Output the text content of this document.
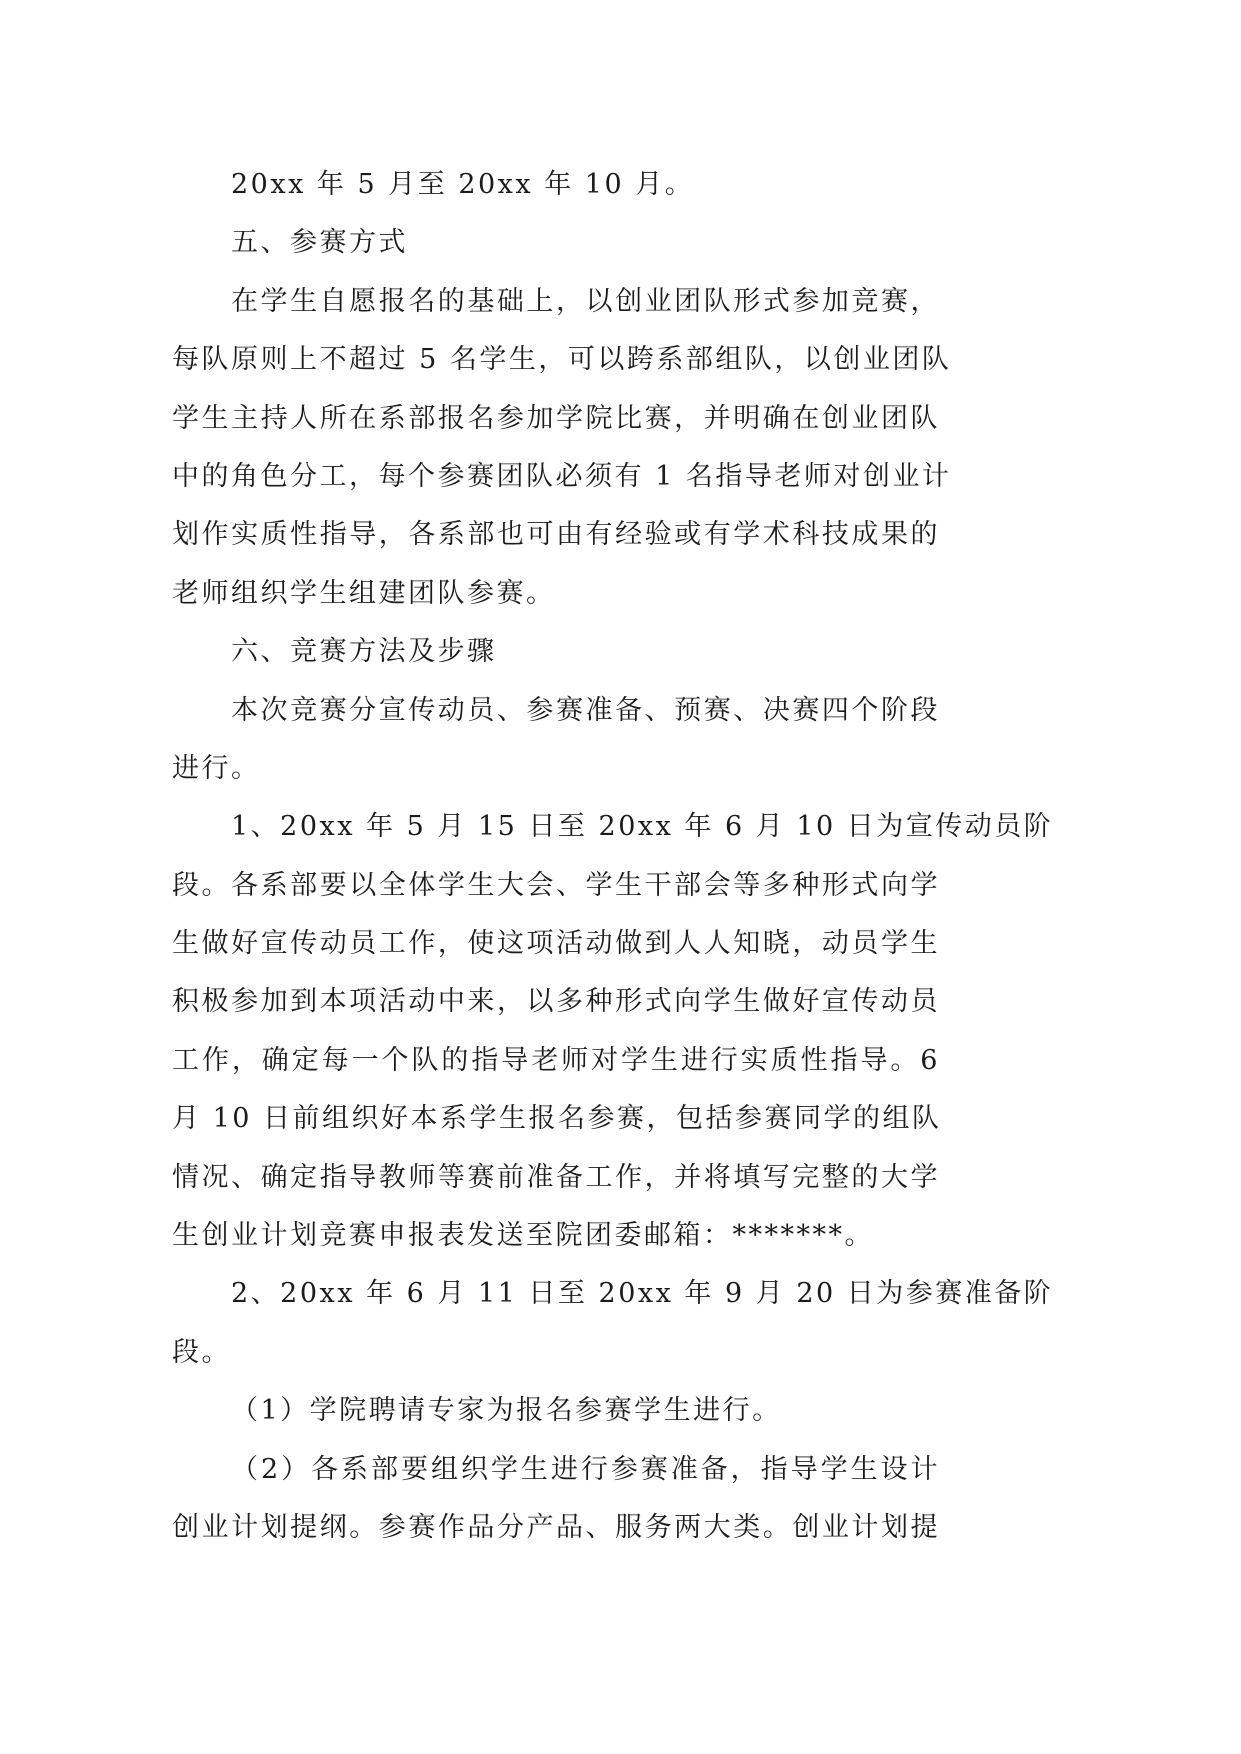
20xx 年 5 月至 20xx 年 10 月。
五、参赛方式
在学生自愿报名的基础上，以创业团队形式参加竞赛，
每队原则上不超过 5 名学生，可以跨系部组队，以创业团队
学生主持人所在系部报名参加学院比赛，并明确在创业团队
中的角色分工，每个参赛团队必须有 1 名指导老师对创业计
划作实质性指导，各系部也可由有经验或有学术科技成果的
老师组织学生组建团队参赛。
六、竞赛方法及步骤
本次竞赛分宣传动员、参赛准备、预赛、决赛四个阶段
进行。
1、20xx 年 5 月 15 日至 20xx 年 6 月 10 日为宣传动员阶
段。各系部要以全体学生大会、学生干部会等多种形式向学
生做好宣传动员工作，使这项活动做到人人知晓，动员学生
积极参加到本项活动中来，以多种形式向学生做好宣传动员
工作，确定每一个队的指导老师对学生进行实质性指导。6
月 10 日前组织好本系学生报名参赛，包括参赛同学的组队
情况、确定指导教师等赛前准备工作，并将填写完整的大学
生创业计划竞赛申报表发送至院团委邮箱：*******。
2、20xx 年 6 月 11 日至 20xx 年 9 月 20 日为参赛准备阶
段。
（1）学院聘请专家为报名参赛学生进行。
（2）各系部要组织学生进行参赛准备，指导学生设计
创业计划提纲。参赛作品分产品、服务两大类。创业计划提
